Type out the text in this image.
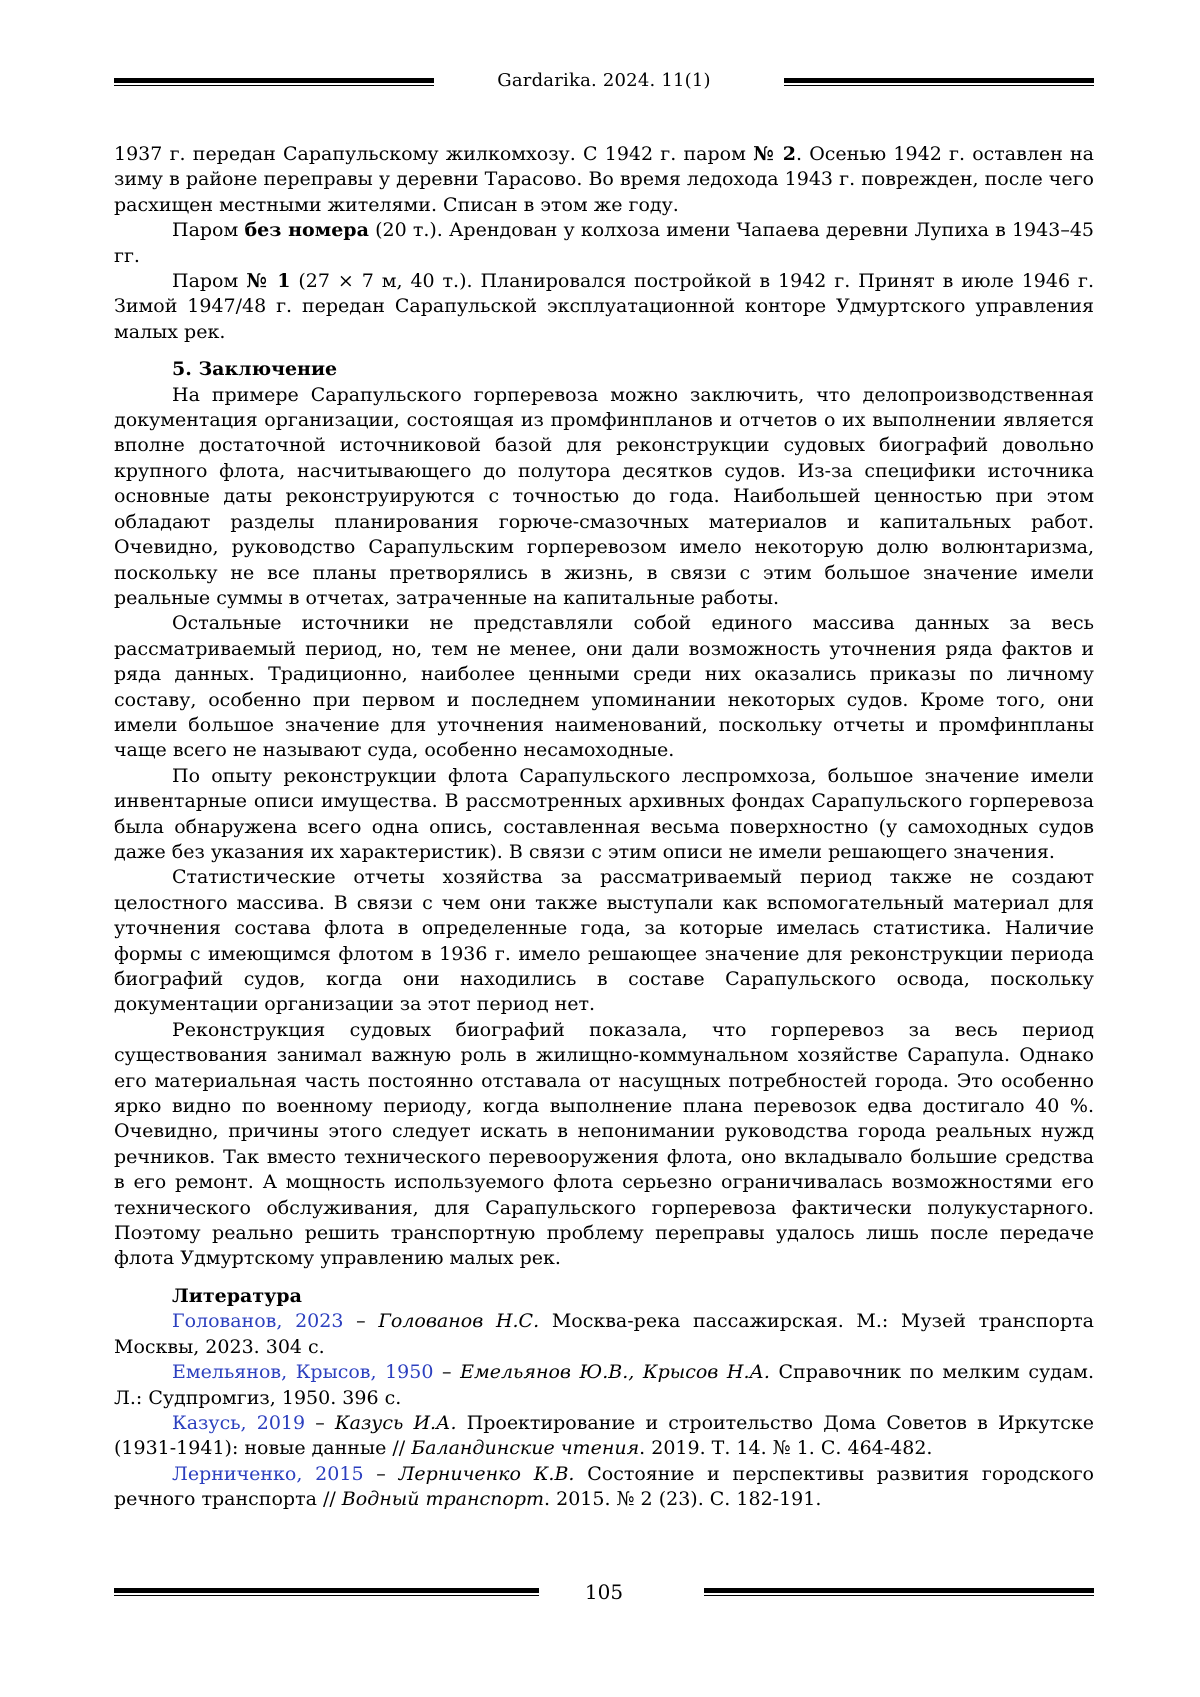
Gardarika. 2024. 11(1)

1937 г. передан Сарапульскому жилкомхозу. С 1942 г. паром № 2. Осенью 1942 г. оставлен на зиму в районе переправы у деревни Тарасово. Во время ледохода 1943 г. поврежден, после чего расхищен местными жителями. Списан в этом же году.

Паром без номера (20 т.). Арендован у колхоза имени Чапаева деревни Лупиха в 1943–45 гг.

Паром № 1 (27 × 7 м, 40 т.). Планировался постройкой в 1942 г. Принят в июле 1946 г. Зимой 1947/48 г. передан Сарапульской эксплуатационной конторе Удмуртского управления малых рек.

5. Заключение

На примере Сарапульского горперевоза можно заключить, что делопроизводственная документация организации, состоящая из промфинпланов и отчетов о их выполнении является вполне достаточной источниковой базой для реконструкции судовых биографий довольно крупного флота, насчитывающего до полутора десятков судов. Из-за специфики источника основные даты реконструируются с точностью до года. Наибольшей ценностью при этом обладают разделы планирования горюче-смазочных материалов и капитальных работ. Очевидно, руководство Сарапульским горперевозом имело некоторую долю волюнтаризма, поскольку не все планы претворялись в жизнь, в связи с этим большое значение имели реальные суммы в отчетах, затраченные на капитальные работы.

Остальные источники не представляли собой единого массива данных за весь рассматриваемый период, но, тем не менее, они дали возможность уточнения ряда фактов и ряда данных. Традиционно, наиболее ценными среди них оказались приказы по личному составу, особенно при первом и последнем упоминании некоторых судов. Кроме того, они имели большое значение для уточнения наименований, поскольку отчеты и промфинпланы чаще всего не называют суда, особенно несамоходные.

По опыту реконструкции флота Сарапульского леспромхоза, большое значение имели инвентарные описи имущества. В рассмотренных архивных фондах Сарапульского горперевоза была обнаружена всего одна опись, составленная весьма поверхностно (у самоходных судов даже без указания их характеристик). В связи с этим описи не имели решающего значения.

Статистические отчеты хозяйства за рассматриваемый период также не создают целостного массива. В связи с чем они также выступали как вспомогательный материал для уточнения состава флота в определенные года, за которые имелась статистика. Наличие формы с имеющимся флотом в 1936 г. имело решающее значение для реконструкции периода биографий судов, когда они находились в составе Сарапульского освода, поскольку документации организации за этот период нет.

Реконструкция судовых биографий показала, что горперевоз за весь период существования занимал важную роль в жилищно-коммунальном хозяйстве Сарапула. Однако его материальная часть постоянно отставала от насущных потребностей города. Это особенно ярко видно по военному периоду, когда выполнение плана перевозок едва достигало 40 %. Очевидно, причины этого следует искать в непонимании руководства города реальных нужд речников. Так вместо технического перевооружения флота, оно вкладывало большие средства в его ремонт. А мощность используемого флота серьезно ограничивалась возможностями его технического обслуживания, для Сарапульского горперевоза фактически полукустарного. Поэтому реально решить транспортную проблему переправы удалось лишь после передаче флота Удмуртскому управлению малых рек.

Литература

Голованов, 2023 – Голованов Н.С. Москва-река пассажирская. М.: Музей транспорта Москвы, 2023. 304 с.

Емельянов, Крысов, 1950 – Емельянов Ю.В., Крысов Н.А. Справочник по мелким судам. Л.: Судпромгиз, 1950. 396 с.

Казусь, 2019 – Казусь И.А. Проектирование и строительство Дома Советов в Иркутске (1931-1941): новые данные // Баландинские чтения. 2019. Т. 14. № 1. С. 464-482.

Лерниченко, 2015 – Лерниченко К.В. Состояние и перспективы развития городского речного транспорта // Водный транспорт. 2015. № 2 (23). С. 182-191.

105
